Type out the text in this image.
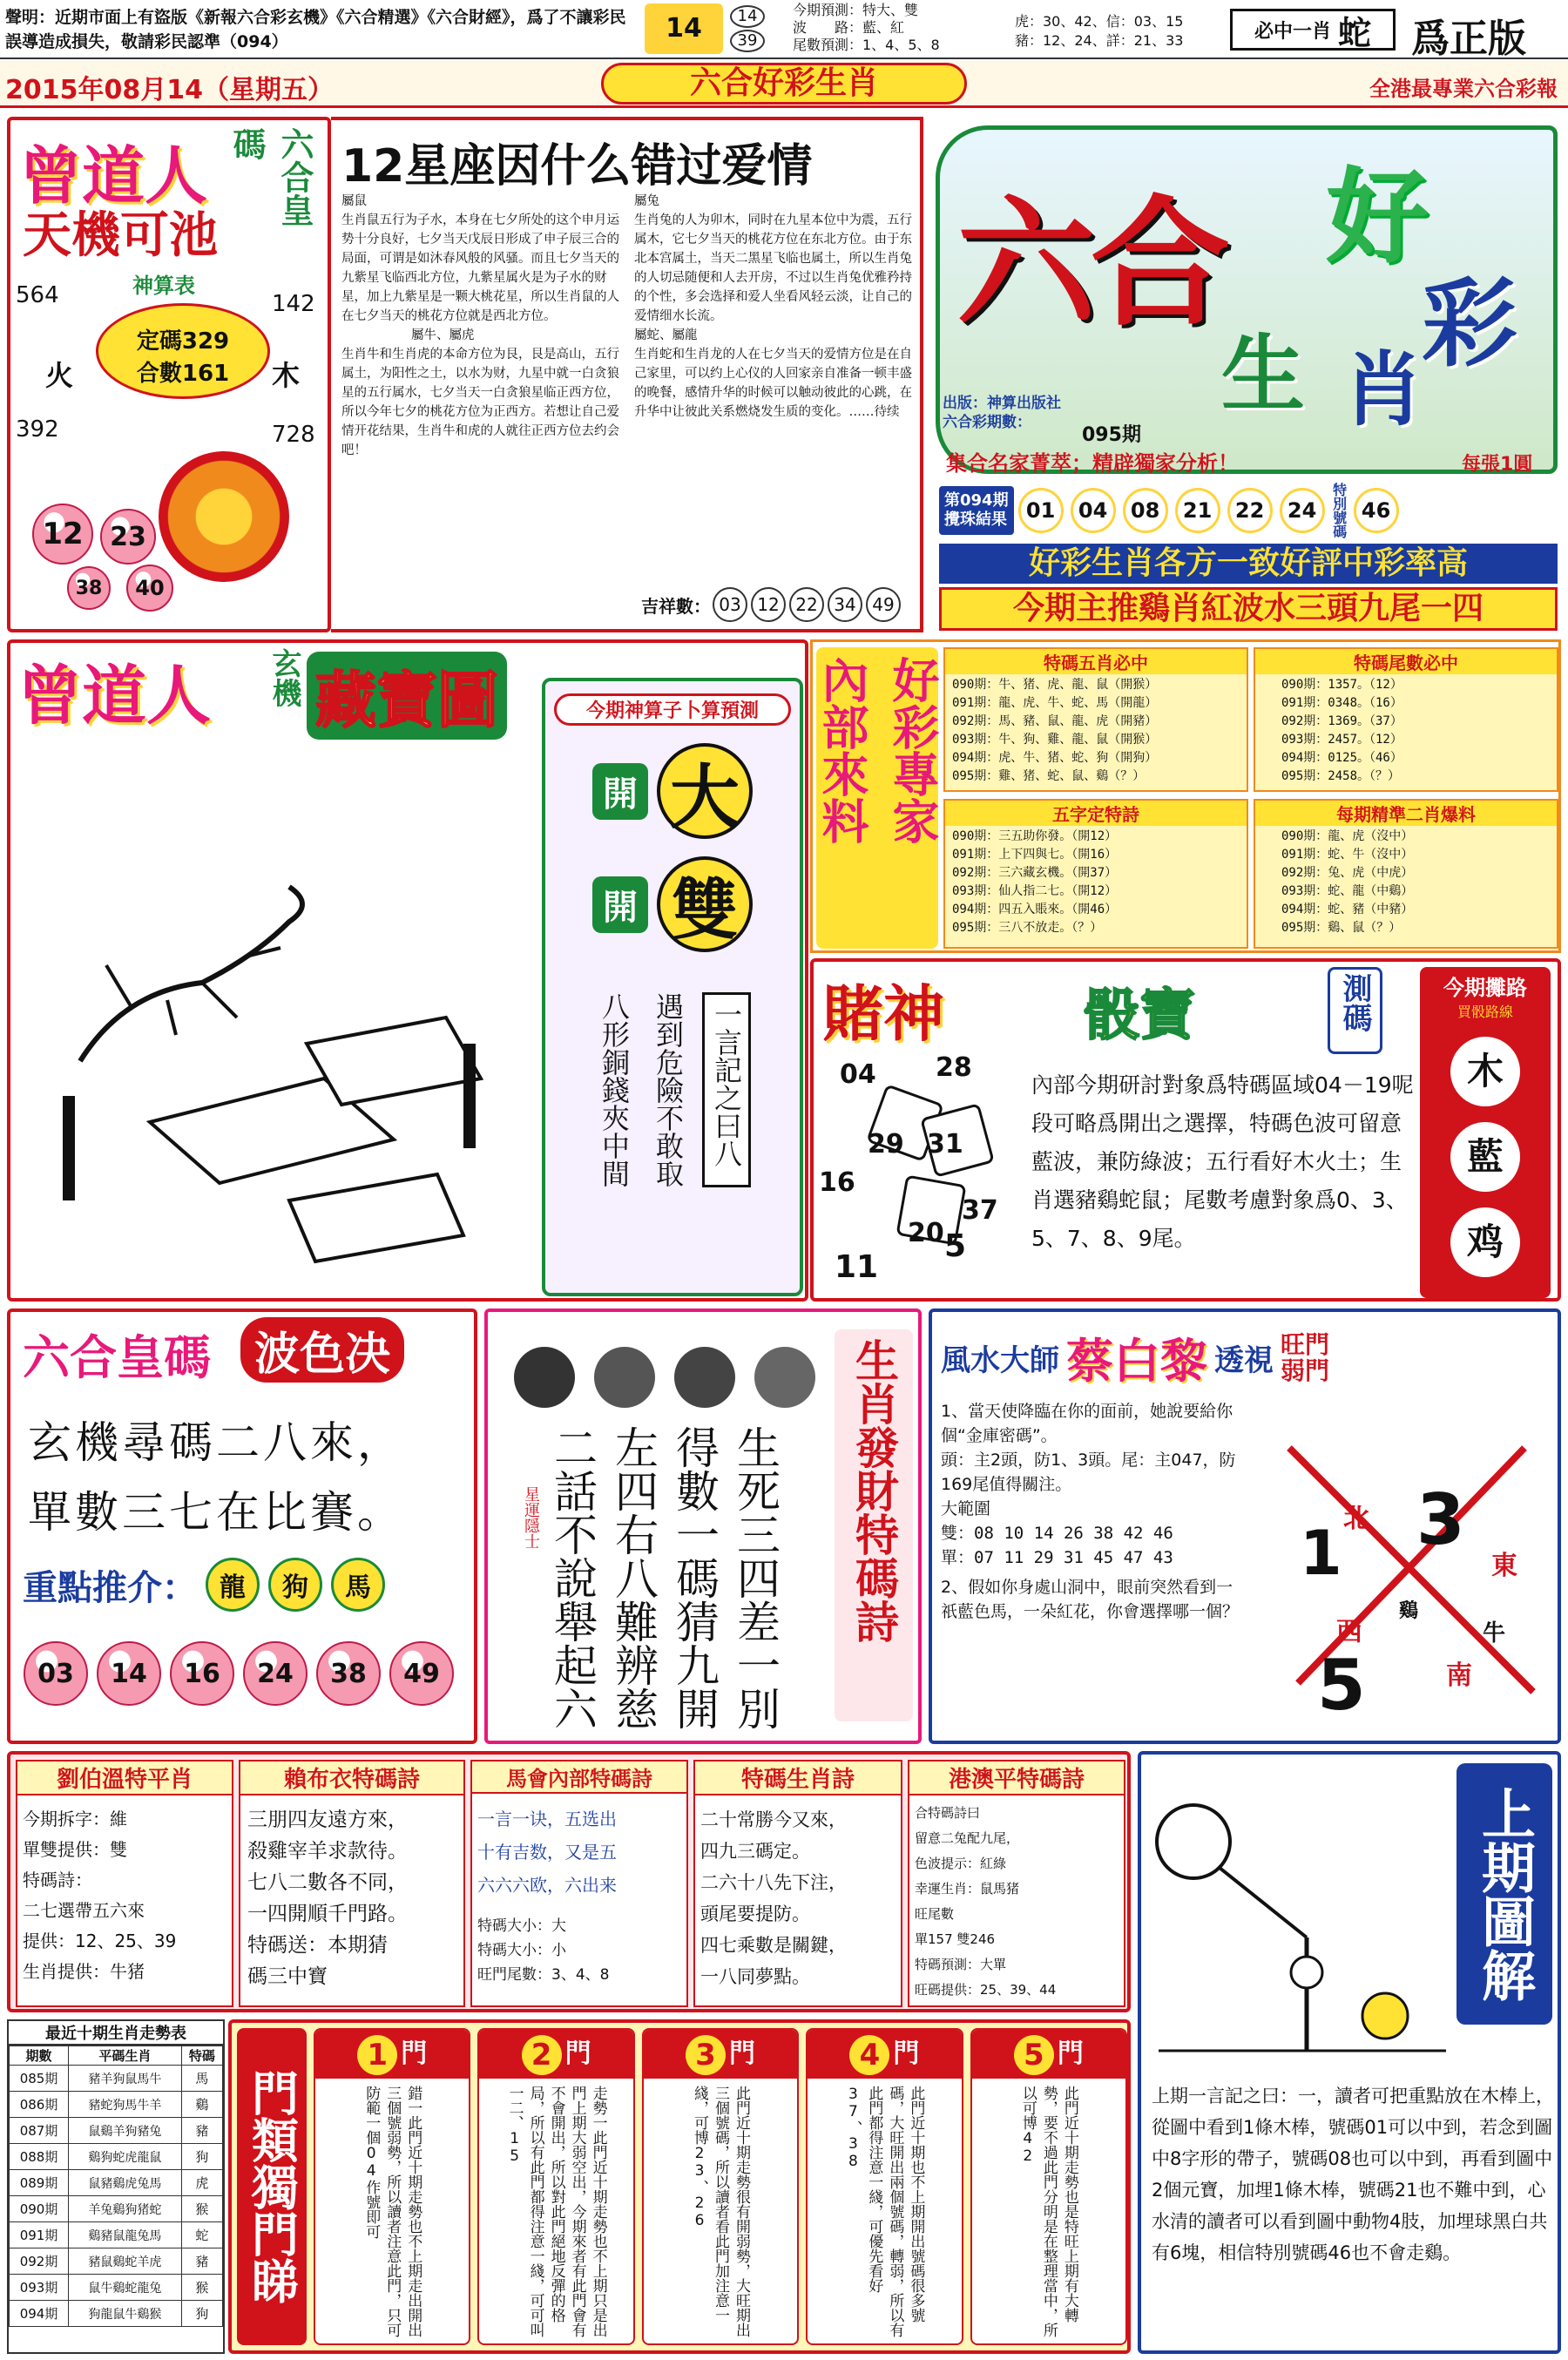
聲明：近期市面上有盜版《新報六合彩玄機》《六合精選》《六合財經》，爲了不讓彩民誤導造成損失，敬請彩民認準（094）	14	14
39
今期預測：特大、雙
波　　路：藍、紅
尾數預測：1、4、5、8
虎：30、42、信：03、15
豬：12、24、詳：21、33	必中一肖 蛇 爲正版
2015年08月14（星期五）	六合好彩生肖	全港最專業六合彩報
曾道人	六合皇碼
天機可池
神算表
564	142
火	木
定碼329
合數161
392	728
12 23
38 40
12星座因什么错过爱情
屬鼠
生肖鼠五行为子水，本身在七夕所处的这个申月运势十分良好，七夕当天戊辰日形成了申子辰三合的局面，可谓是如沐春风般的风骚。而且七夕当天的九紫星飞临西北方位，九紫星属火是为子水的财星，加上九紫星是一颗大桃花星，所以生肖鼠的人在七夕当天的桃花方位就是西北方位。
屬牛、屬虎
生肖牛和生肖虎的本命方位为艮，艮是高山，五行属土，为阳性之土，以水为财，九星中就一白贪狼星的五行属水，七夕当天一白贪狼星临正西方位，所以今年七夕的桃花方位为正西方。若想让自己爱情开花结果，生肖牛和虎的人就往正西方位去约会吧！
屬兔
生肖兔的人为卯木，同时在九星本位中为震，五行属木，它七夕当天的桃花方位在东北方位。由于东北本宫属土，当天二黑星飞临也属土，所以生肖兔的人切忌随便和人去开房，不过以生肖兔优雅矜持的个性，多会选择和爱人坐看风轻云淡，让自己的爱情细水长流。
屬蛇、屬龍
生肖蛇和生肖龙的人在七夕当天的爱情方位是在自己家里，可以约上心仪的人回家亲自准备一顿丰盛的晚餐，感情升华的时候可以触动彼此的心跳，在升华中让彼此关系燃烧发生质的变化。……待续
吉祥數： 03 12 22 34 49
六合 好
彩
生 肖
出版：神算出版社
六合彩期數：
095期
集合名家菁萃；精辟獨家分析！	每張1圓
第094期
攪珠結果 01	04	08	21	22	24	特別號碼 46
好彩生肖各方一致好評中彩率高
今期主推鷄肖紅波水三頭九尾一四
曾道人 玄機 藏寶圖	今期神算子卜算預測
開 大
開 雙
一言記之曰八
遇到危險不敢取
八形銅錢夾中間
好彩專家
內部來料	特碼五肖必中
090期：牛、猪、虎、龍、鼠（開猴）
091期：龍、虎、牛、蛇、馬（開龍）
092期：馬、豬、鼠、龍、虎（開豬）
093期：牛、狗、雞、龍、鼠（開猴）
094期：虎、牛、猪、蛇、狗（開狗）
095期：雞、猪、蛇、鼠、鷄（？）
特碼尾數必中
090期：1357。（12）
091期：0348。（16）
092期：1369。（37）
093期：2457。（12）
094期：0125。（46）
095期：2458。（？）
五字定特詩
090期：三五助你發。（開12）
091期：上下四與七。（開16）
092期：三六藏玄機。（開37）
093期：仙人指二七。（開12）
094期：四五入賬來。（開46）
095期：三八不放走。（？）
每期精準二肖爆料
090期：龍、虎（沒中）
091期：蛇、牛（沒中）
092期：兔、虎（中虎）
093期：蛇、龍（中鷄）
094期：蛇、豬（中豬）
095期：鷄、鼠（？）
賭神	骰寶	測碼	今期攤路
買骰路線
木
藍
鸡
04 28
29 31
16
37
20 5
11
內部今期研討對象爲特碼區域04－19呢段可略爲開出之選擇，特碼色波可留意藍波，兼防綠波；五行看好木火土；生肖選豬鷄蛇鼠；尾數考慮對象爲0、3、5、7、8、9尾。
六合皇碼 波色决
玄機尋碼二八來，
單數三七在比賽。
重點推介： 龍	狗	馬
03	14	16	24	38	49
星運隱士	生死三四差一別
得數一碼猜九開
左四右八難辨慈
二話不說舉起六	生肖發財特碼詩 風水大師 蔡白黎 透視 旺門弱門
1、當天使降臨在你的面前，她說要給你個“金庫密碼”。
頭：主2頭，防1、3頭。尾：主047，防169尾值得關注。
大範圍
雙：08 10 14 26 38 42 46
單：07 11 29 31 45 47 43
2、假如你身處山洞中，眼前突然看到一祇藍色馬，一朵紅花，你會選擇哪一個？
北
東
南
西
1 3
5
牛
鷄
劉伯溫特平肖
今期拆字：維
單雙提供：雙
特碼詩：
二七選帶五六來
提供：12、25、39
生肖提供：牛猪
賴布衣特碼詩
三朋四友遠方來，
殺雞宰羊求款待。
七八二數各不同，
一四開順千門路。
特碼送：本期猜
碼三中寶
馬會內部特碼詩
一言一诀，五选出
十有吉数，又是五
六六六欧，六出来
特碼大小：大
特碼大小：小
旺門尾數：3、4、8
特碼生肖詩
二十常勝今又來，
四九三碼定。
二六十八先下注，
頭尾要提防。
四七乘數是關鍵，
一八同夢點。
港澳平特碼詩
合特碼詩曰
留意二兔配九尾，
色波提示：紅綠
幸運生肖：鼠馬猪
旺尾數
單157 雙246
特碼預測：大單
旺碼提供：25、39、44
最近十期生肖走勢表
期數	平碼生肖	特碼
085期	豬羊狗鼠馬牛	馬
086期	豬蛇狗馬牛羊	鷄
087期	鼠鷄羊狗豬兔	豬
088期	鷄狗蛇虎龍鼠	狗
089期	鼠豬鷄虎兔馬	虎
090期	羊兔鷄狗猪蛇	猴
091期	鷄豬鼠龍兔馬	蛇
092期	豬鼠鷄蛇羊虎	豬
093期	鼠牛鷄蛇龍兔	猴
094期	狗龍鼠牛鷄猴	狗
門類獨門睇
1 門
錯一此門近十期走勢也不上期走出開出三個號弱勢，所以讀者注意此門，只可防範一個04作號即可
2 門
走勢一此門近十期走勢也不上期只是出門上期大弱空出，今期來者有此門會有不會開出，所以對此門絕地反彈的格局，所以有此門都得注意一綫，可可叫一二、15
3 門
此門近十期走勢很有開弱勢，大旺期出三個號碼，所以讀者看此門加注意一綫，可博23、26
4 門
此門近十期也不上期開出號碼很多號碼，大旺開出兩個號碼，轉弱，所以有此門都得注意一綫，可優先看好37、38
5 門
此門近十期走勢也是特旺上期有大轉勢，要不過此門分明是在整理當中，所以可博42
上期圖解
上期一言記之曰：一，讀者可把重點放在木棒上，從圖中看到1條木棒，號碼01可以中到，若念到圖中8字形的帶子，號碼08也可以中到，再看到圖中2個元寶，加埋1條木棒，號碼21也不難中到，心水清的讀者可以看到圖中動物4肢，加埋球黑白共有6塊，相信特別號碼46也不會走鷄。
